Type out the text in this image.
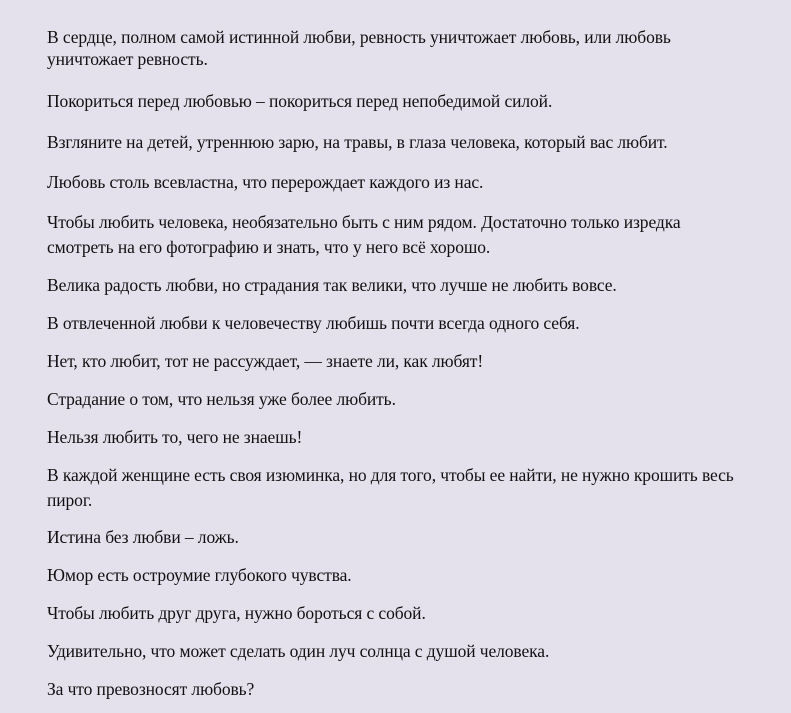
В сердце, полном самой истинной любви, ревность уничтожает любовь, или любовь уничтожает ревность.

Покориться перед любовью – покориться перед непобедимой силой.

Взгляните на детей, утреннюю зарю, на травы, в глаза человека, который вас любит.

Любовь столь всевластна, что перерождает каждого из нас.

Чтобы любить человека, необязательно быть с ним рядом. Достаточно только изредка смотреть на его фотографию и знать, что у него всё хорошо.

Велика радость любви, но страдания так велики, что лучше не любить вовсе.

В отвлеченной любви к человечеству любишь почти всегда одного себя.

Нет, кто любит, тот не рассуждает, — знаете ли, как любят!

Страдание о том, что нельзя уже более любить.

Нельзя любить то, чего не знаешь!

В каждой женщине есть своя изюминка, но для того, чтобы ее найти, не нужно крошить весь пирог.

Истина без любви – ложь.

Юмор есть остроумие глубокого чувства.

Чтобы любить друг друга, нужно бороться с собой.

Удивительно, что может сделать один луч солнца с душой человека.

За что превозносят любовь?
